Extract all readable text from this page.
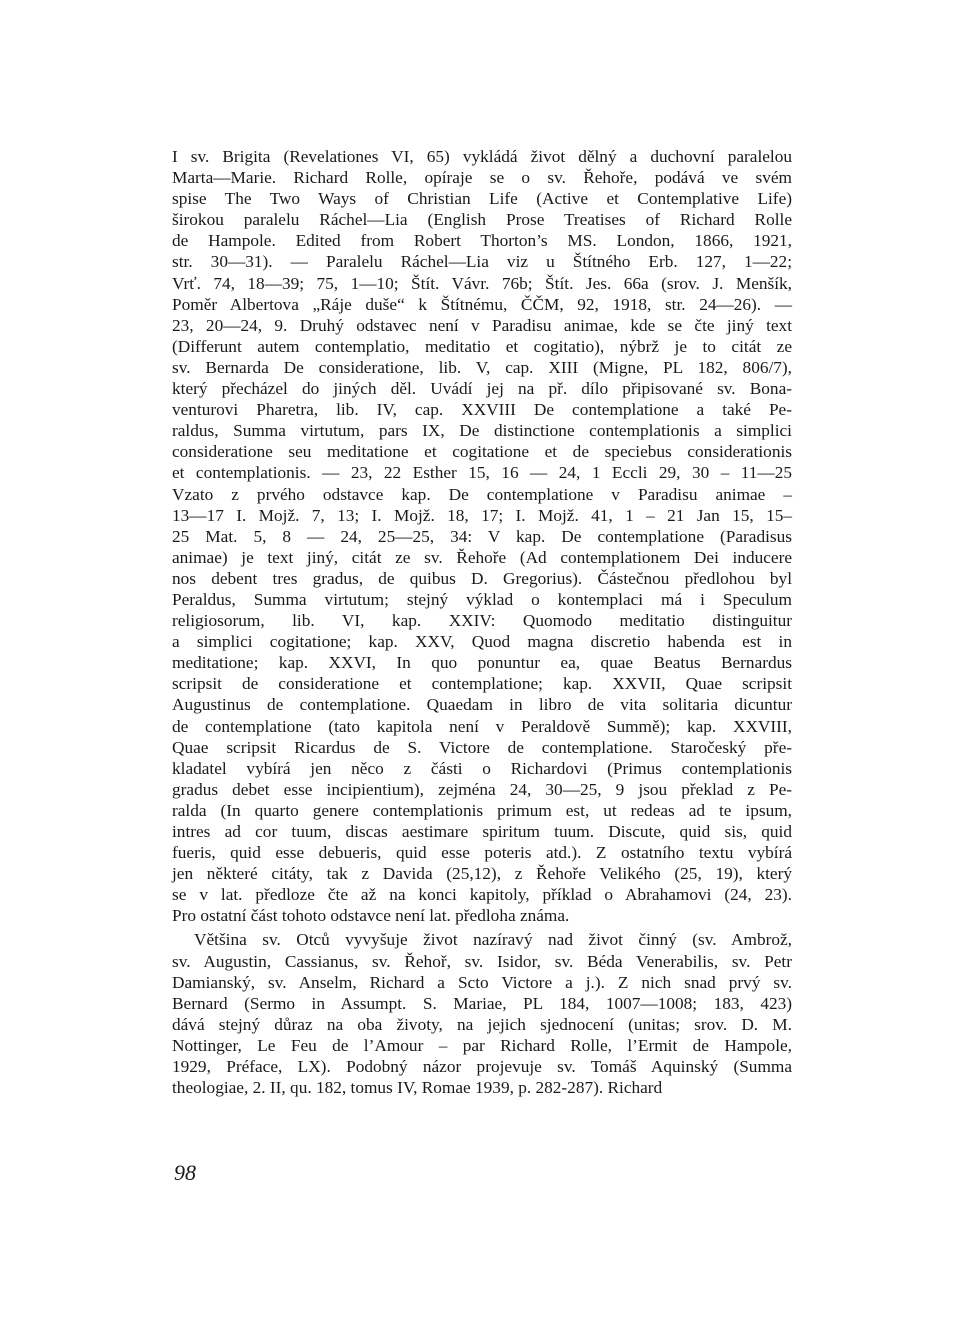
I sv. Brigita (Revelationes VI, 65) vykládá život dělný a duchovní paralelou
Marta—Marie. Richard Rolle, opíraje se o sv. Řehoře, podává ve svém
spise The Two Ways of Christian Life (Active et Contemplative Life)
širokou paralelu Ráchel—Lia (English Prose Treatises of Richard Rolle
de Hampole. Edited from Robert Thorton’s MS. London, 1866, 1921,
str. 30—31). — Paralelu Ráchel—Lia viz u Štítného Erb. 127, 1—22;
Vrť. 74, 18—39; 75, 1—10; Štít. Vávr. 76b; Štít. Jes. 66a (srov. J. Menšík,
Poměr Albertova „Ráje duše“ k Štítnému, ČČM, 92, 1918, str. 24—26). —
23, 20—24, 9. Druhý odstavec není v Paradisu animae, kde se čte jiný text
(Differunt autem contemplatio, meditatio et cogitatio), nýbrž je to citát ze
sv. Bernarda De consideratione, lib. V, cap. XIII (Migne, PL 182, 806/7),
který přecházel do jiných děl. Uvádí jej na př. dílo připisované sv. Bona-
venturovi Pharetra, lib. IV, cap. XXVIII De contemplatione a také Pe-
raldus, Summa virtutum, pars IX, De distinctione contemplationis a simplici
consideratione seu meditatione et cogitatione et de speciebus considerationis
et contemplationis. — 23, 22 Esther 15, 16 — 24, 1 Eccli 29, 30 – 11—25
Vzato z prvého odstavce kap. De contemplatione v Paradisu animae –
13—17 I. Mojž. 7, 13; I. Mojž. 18, 17; I. Mojž. 41, 1 – 21 Jan 15, 15–
25 Mat. 5, 8 — 24, 25—25, 34: V kap. De contemplatione (Paradisus
animae) je text jiný, citát ze sv. Řehoře (Ad contemplationem Dei inducere
nos debent tres gradus, de quibus D. Gregorius). Částečnou předlohou byl
Peraldus, Summa virtutum; stejný výklad o kontemplaci má i Speculum
religiosorum, lib. VI, kap. XXIV: Quomodo meditatio distinguitur
a simplici cogitatione; kap. XXV, Quod magna discretio habenda est in
meditatione; kap. XXVI, In quo ponuntur ea, quae Beatus Bernardus
scripsit de consideratione et contemplatione; kap. XXVII, Quae scripsit
Augustinus de contemplatione. Quaedam in libro de vita solitaria dicuntur
de contemplatione (tato kapitola není v Peraldově Summě); kap. XXVIII,
Quae scripsit Ricardus de S. Victore de contemplatione. Staročeský pře-
kladatel vybírá jen něco z části o Richardovi (Primus contemplationis
gradus debet esse incipientium), zejména 24, 30—25, 9 jsou překlad z Pe-
ralda (In quarto genere contemplationis primum est, ut redeas ad te ipsum,
intres ad cor tuum, discas aestimare spiritum tuum. Discute, quid sis, quid
fueris, quid esse debueris, quid esse poteris atd.). Z ostatního textu vybírá
jen některé citáty, tak z Davida (25,12), z Řehoře Velikého (25, 19), který
se v lat. předloze čte až na konci kapitoly, příklad o Abrahamovi (24, 23).
Pro ostatní část tohoto odstavce není lat. předloha známa.

Většina sv. Otců vyvyšuje život nazíravý nad život činný (sv. Ambrož,
sv. Augustin, Cassianus, sv. Řehoř, sv. Isidor, sv. Béda Venerabilis, sv. Petr
Damianský, sv. Anselm, Richard a Scto Victore a j.). Z nich snad prvý sv.
Bernard (Sermo in Assumpt. S. Mariae, PL 184, 1007—1008; 183, 423)
dává stejný důraz na oba životy, na jejich sjednocení (unitas; srov. D. M.
Nottinger, Le Feu de l’Amour – par Richard Rolle, l’Ermit de Hampole,
1929, Préface, LX). Podobný názor projevuje sv. Tomáš Aquinský (Summa
theologiae, 2. II, qu. 182, tomus IV, Romae 1939, p. 282-287). Richard

98
